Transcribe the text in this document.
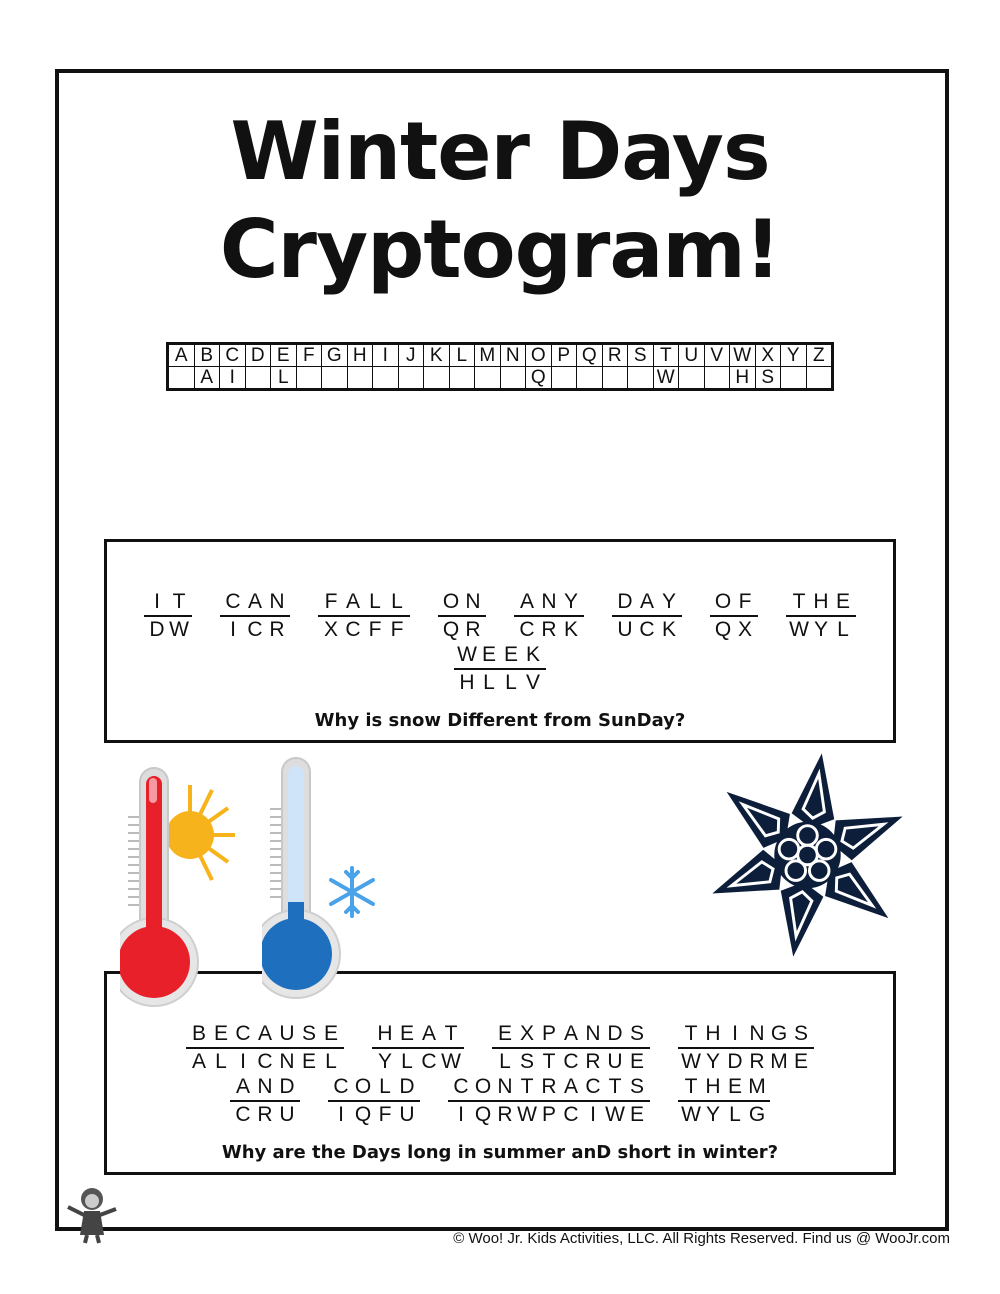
Winter Days
Cryptogram!
A	B	C	D	E	F	G	H	I	J	K	L	M	N	O	P	Q	R	S	T	U	V	W	X	Y	Z
	A	I		L										Q					W			H	S		
I T
D W
C A N
I C R
F A L L
X C F F
O N
Q R
A N Y
C R K
D A Y
U C K
O F
Q X
T H E
W Y L
W E E K
H L L V
Why is snow Different from SunDay?
B E C A U S E
A L I C N E L
H E A T
Y L C W
E X P A N D S
L S T C R U E
T H I N G S
W Y D R M E
A N D
C R U
C O L D
I Q F U
C O N T R A C T S
I Q R W P C I W E
T H E M
W Y L G
Why are the Days long in summer anD short in winter?
© Woo! Jr. Kids Activities, LLC. All Rights Reserved. Find us @ WooJr.com
